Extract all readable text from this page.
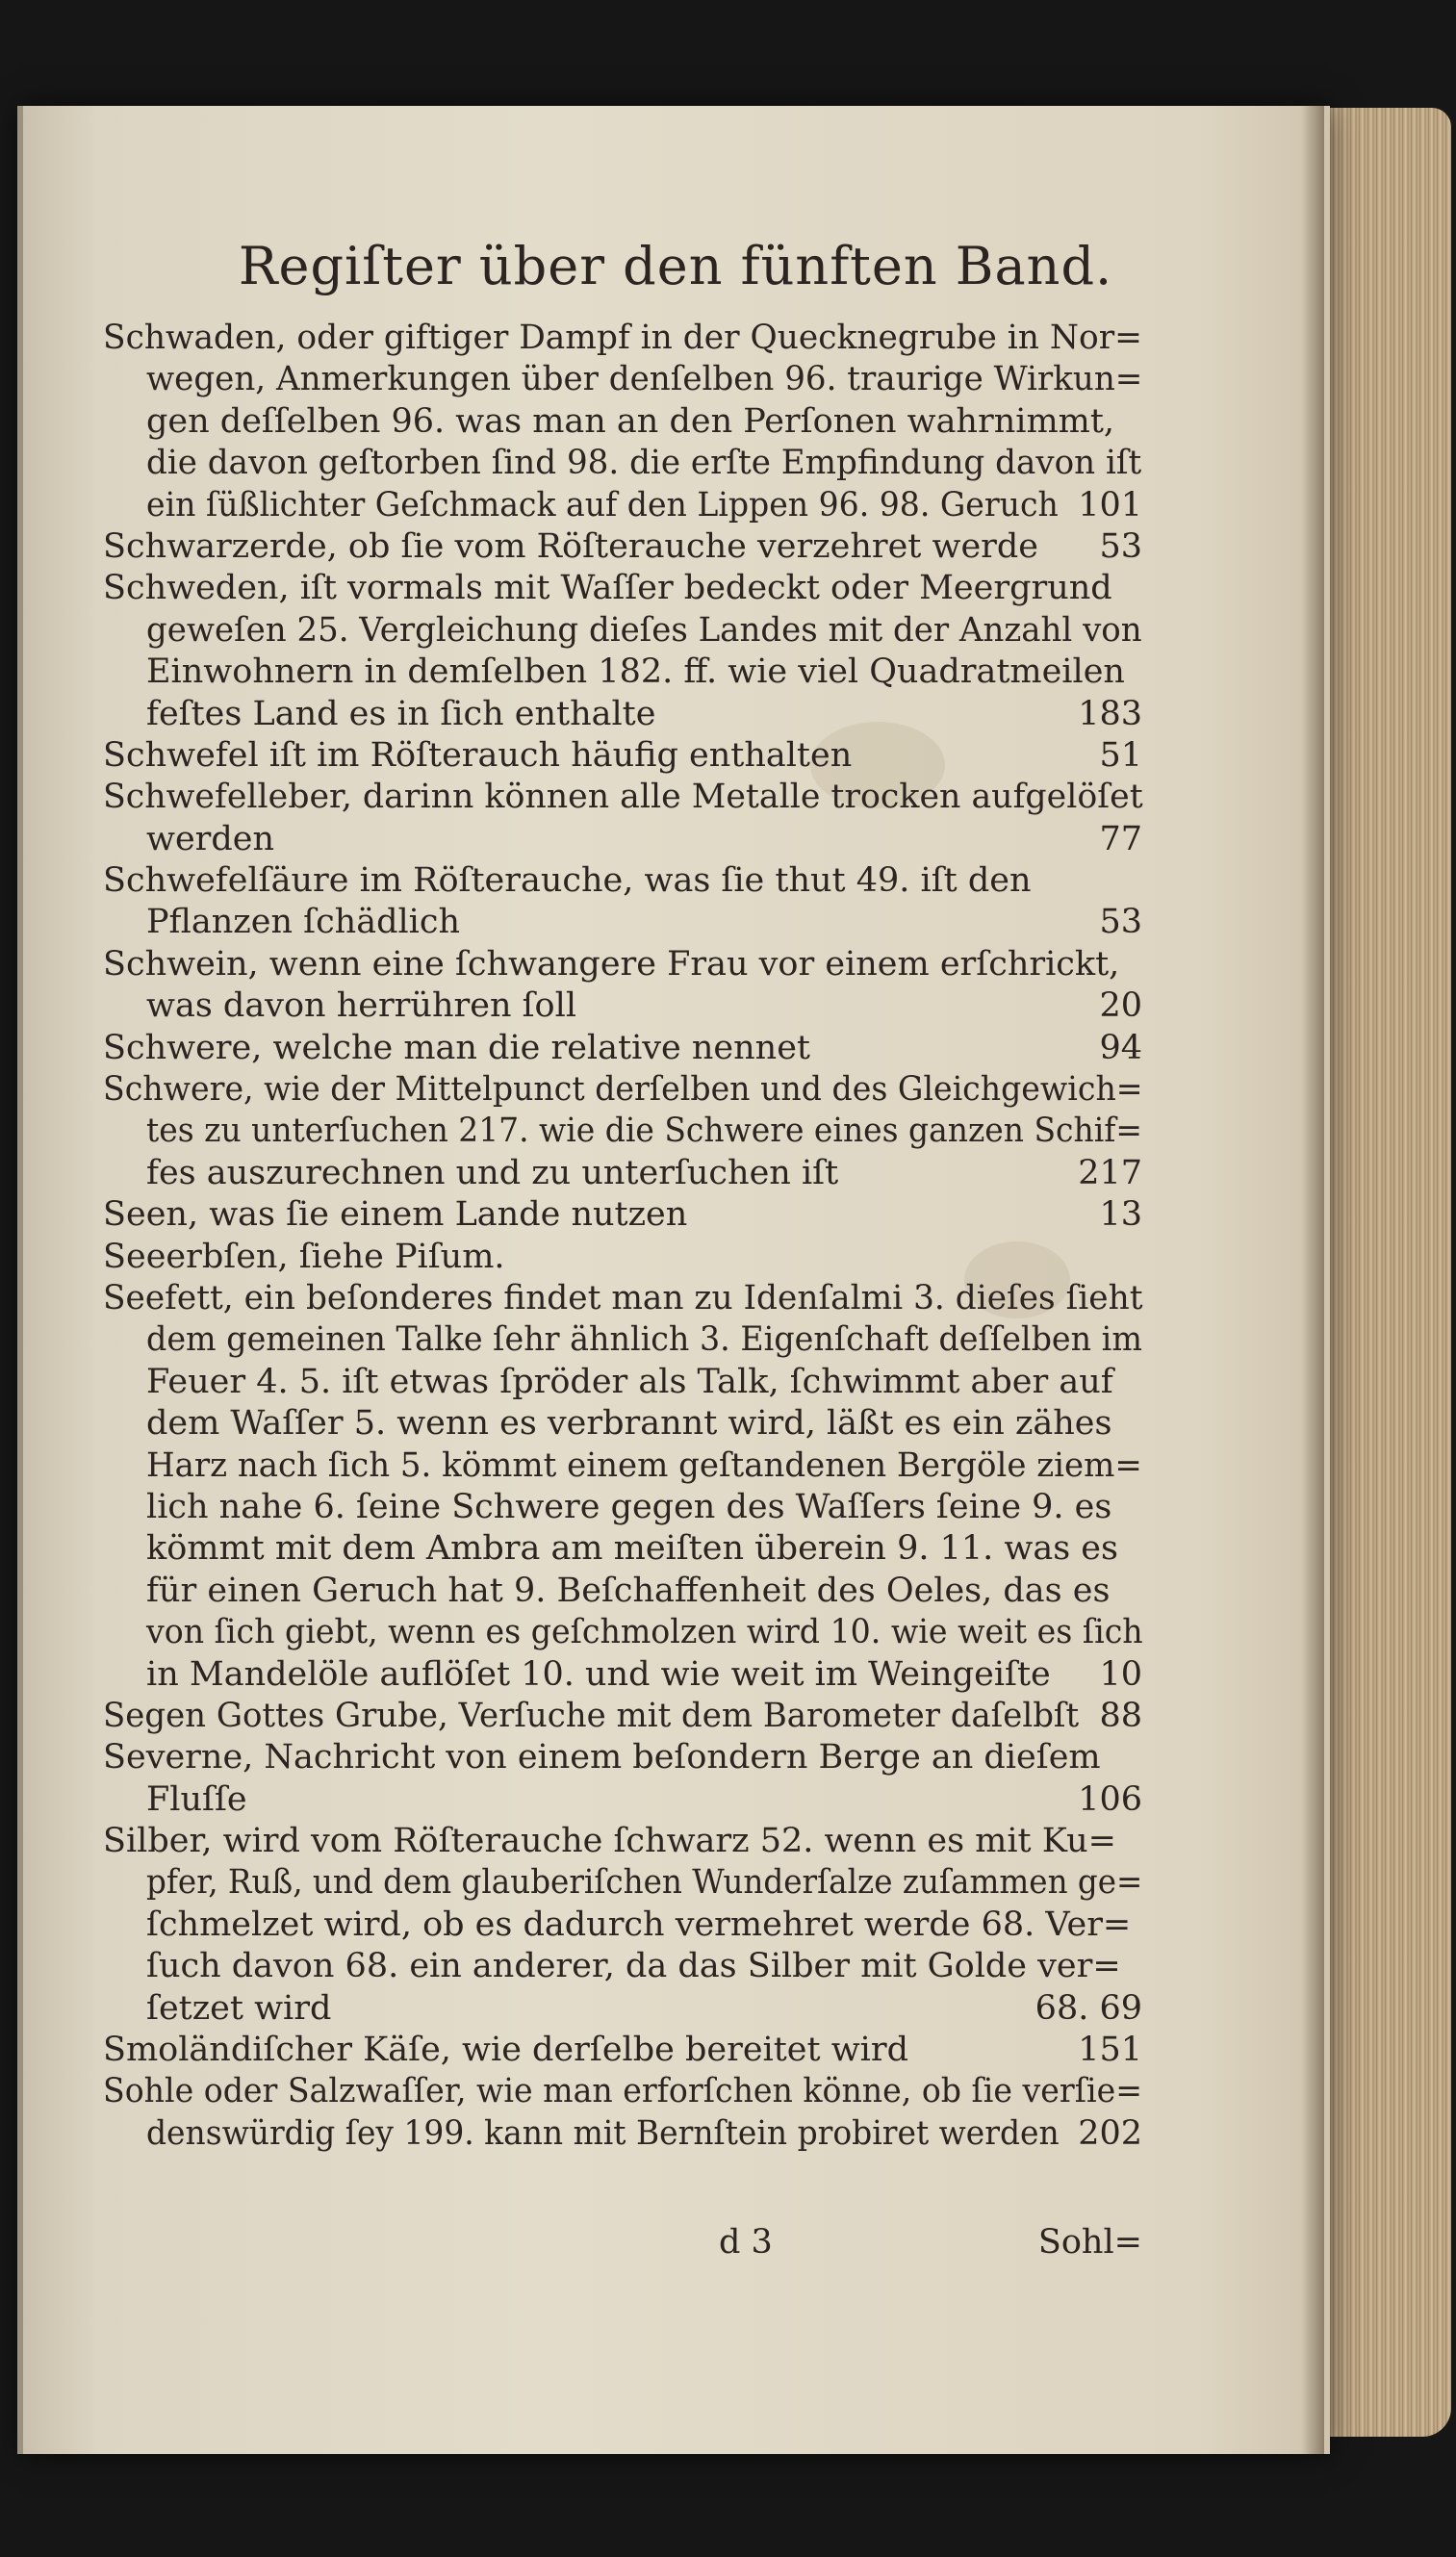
Regiſter über den fünften Band.
Schwaden, oder giftiger Dampf in der Quecknegrube in Nor=
wegen, Anmerkungen über denſelben 96. traurige Wirkun=
gen deſſelben 96. was man an den Perſonen wahrnimmt,
die davon geſtorben ſind 98. die erſte Empfindung davon iſt
ein ſüßlichter Geſchmack auf den Lippen 96. 98. Geruch 101
Schwarzerde, ob ſie vom Röſterauche verzehret werde 53
Schweden, iſt vormals mit Waſſer bedeckt oder Meergrund
geweſen 25. Vergleichung dieſes Landes mit der Anzahl von
Einwohnern in demſelben 182. ff. wie viel Quadratmeilen
feſtes Land es in ſich enthalte	183
Schwefel iſt im Röſterauch häufig enthalten	51
Schwefelleber, darinn können alle Metalle trocken aufgelöſet
werden	77
Schwefelſäure im Röſterauche, was ſie thut 49. iſt den
Pflanzen ſchädlich	53
Schwein, wenn eine ſchwangere Frau vor einem erſchrickt,
was davon herrühren ſoll	20
Schwere, welche man die relative nennet	94
Schwere, wie der Mittelpunct derſelben und des Gleichgewich=
tes zu unterſuchen 217. wie die Schwere eines ganzen Schif=
fes auszurechnen und zu unterſuchen iſt	217
Seen, was ſie einem Lande nutzen	13
Seeerbſen, ſiehe Piſum.
Seefett, ein beſonderes findet man zu Idenſalmi 3. dieſes ſieht
dem gemeinen Talke ſehr ähnlich 3. Eigenſchaft deſſelben im
Feuer 4. 5. iſt etwas ſpröder als Talk, ſchwimmt aber auf
dem Waſſer 5. wenn es verbrannt wird, läßt es ein zähes
Harz nach ſich 5. kömmt einem geſtandenen Bergöle ziem=
lich nahe 6. ſeine Schwere gegen des Waſſers ſeine 9. es
kömmt mit dem Ambra am meiſten überein 9. 11. was es
für einen Geruch hat 9. Beſchaffenheit des Oeles, das es
von ſich giebt, wenn es geſchmolzen wird 10. wie weit es ſich
in Mandelöle auflöſet 10. und wie weit im Weingeiſte 10
Segen Gottes Grube, Verſuche mit dem Barometer daſelbſt 88
Severne, Nachricht von einem beſondern Berge an dieſem
Fluſſe	106
Silber, wird vom Röſterauche ſchwarz 52. wenn es mit Ku=
pfer, Ruß, und dem glauberiſchen Wunderſalze zuſammen ge=
ſchmelzet wird, ob es dadurch vermehret werde 68. Ver=
ſuch davon 68. ein anderer, da das Silber mit Golde ver=
ſetzet wird	68. 69
Smoländiſcher Käſe, wie derſelbe bereitet wird	151
Sohle oder Salzwaſſer, wie man erforſchen könne, ob ſie verſie=
denswürdig ſey 199. kann mit Bernſtein probiret werden 202
d 3	Sohl=
